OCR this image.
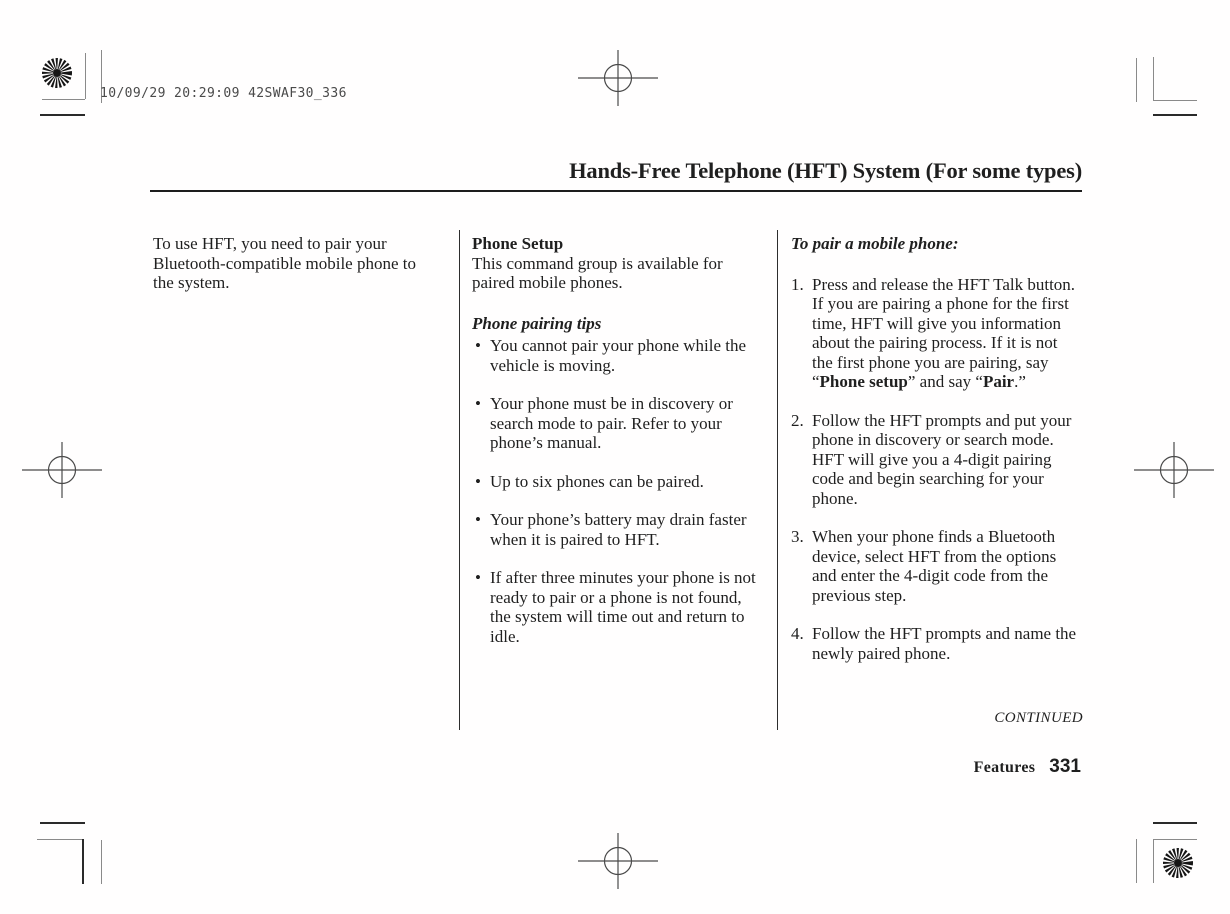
10/09/29 20:29:09 42SWAF30_336
Hands-Free Telephone (HFT) System (For some types)

To use HFT, you need to pair your Bluetooth-compatible mobile phone to the system.

Phone Setup

This command group is available for paired mobile phones.

Phone pairing tips
• You cannot pair your phone while the vehicle is moving.
• Your phone must be in discovery or search mode to pair. Refer to your phone’s manual.
• Up to six phones can be paired.
• Your phone’s battery may drain faster when it is paired to HFT.
• If after three minutes your phone is not ready to pair or a phone is not found, the system will time out and return to idle.
To pair a mobile phone:
1. Press and release the HFT Talk button. If you are pairing a phone for the first time, HFT will give you information about the pairing process. If it is not the first phone you are pairing, say “Phone setup” and say “Pair.”
2. Follow the HFT prompts and put your phone in discovery or search mode. HFT will give you a 4-digit pairing code and begin searching for your phone.
3. When your phone finds a Bluetooth device, select HFT from the options and enter the 4-digit code from the previous step.
4. Follow the HFT prompts and name the newly paired phone.
CONTINUED
Features 331
